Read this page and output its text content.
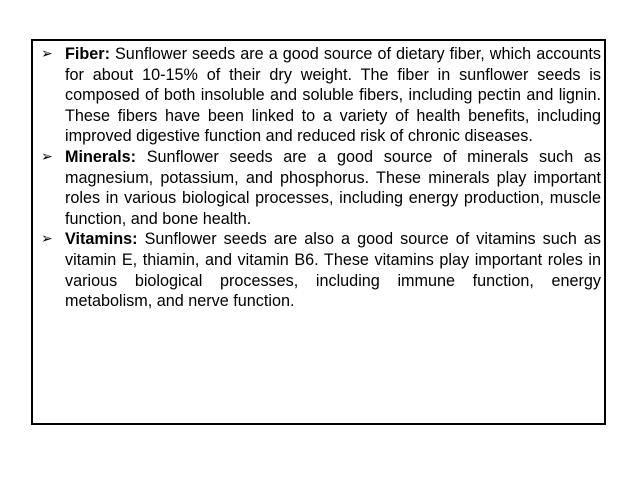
➢ Fiber: Sunflower seeds are a good source of dietary fiber, which accounts for about 10-15% of their dry weight. The fiber in sunflower seeds is composed of both insoluble and soluble fibers, including pectin and lignin. These fibers have been linked to a variety of health benefits, including improved digestive function and reduced risk of chronic diseases.
➢ Minerals: Sunflower seeds are a good source of minerals such as magnesium, potassium, and phosphorus. These minerals play important roles in various biological processes, including energy production, muscle function, and bone health.
➢ Vitamins: Sunflower seeds are also a good source of vitamins such as vitamin E, thiamin, and vitamin B6. These vitamins play important roles in various biological processes, including immune function, energy metabolism, and nerve function.
